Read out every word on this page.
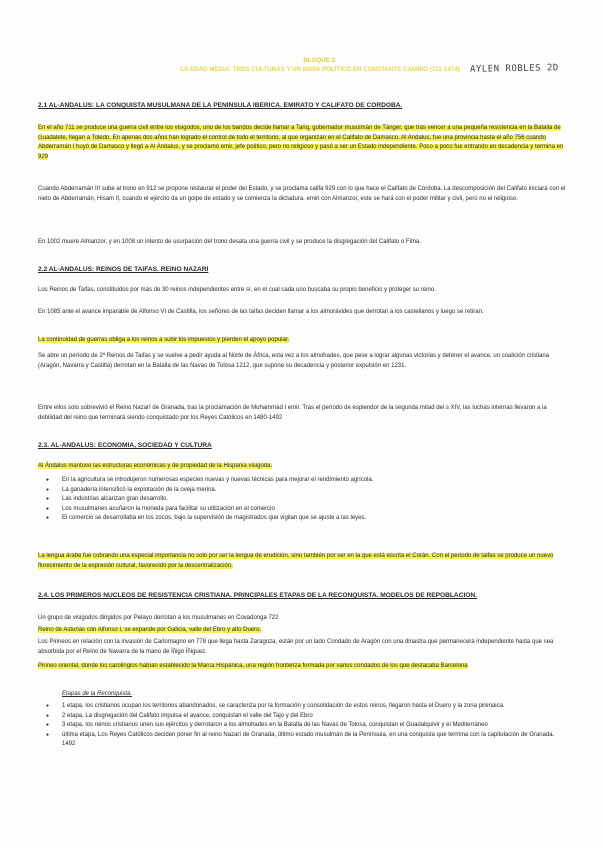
BLOQUE 2.
LA EDAD MEDIA: TRES CULTURAS Y UN MAPA POLÍTICO EN CONSTANTE CAMBIO (711-1474)	AYLEN ROBLES 2D
2.1 AL-ÁNDALUS: LA CONQUISTA MUSULMANA DE LA PENÍNSULA IBÉRICA. EMIRATO Y CALIFATO DE CÓRDOBA.
En el año 711 se produce una guerra civil entre los visigodos, uno de los bandos decide llamar a Tariq, gobernador musulmán de Tánger, que tras vencer a una pequeña resistencia en la Batalla de Guadalete, llegan a Toledo. En apenas dos años han logrado el control de todo el territorio, al que organizan en el Califato de Damasco. Al Andalus, fue una provincia hasta el año 756 cuando Abderramán I huyó de Damasco y llegó a Al Ándalus, y se proclamó emir, jefe político, pero no religioso y pasó a ser un Estado independiente. Poco a poco fue entrando en decadencia y termina en 929
Cuando Abderramán III sube al trono en 912 se propone restaurar el poder del Estado, y se proclama califa 929 con lo que hace el Califato de Córdoba. La descomposición del Califato iniciará con el nieto de Abderramán, Hisam II, cuando el ejército da un golpe de estado y se comienza la dictadura, emiri con Almanzor, este se hará con el poder militar y civil, pero no el religioso.
En 1002 muere Almanzor, y en 1008 un intento de usurpación del trono desata una guerra civil y se produce la disgregación del Califato o Fitna.
2.2 AL-ÁNDALUS: REINOS DE TAIFAS. REINO NAZARÍ
Los Reinos de Taifas, constituidos por más de 30 reinos independientes entre sí, en el cual cada uno buscaba su propio beneficio y proteger su reino.
En 1085 ante el avance imparable de Alfonso VI de Castilla, los señores de las taifas deciden llamar a los almorávides que derrotan a los castellanos y luego se retiran.
La continuidad de guerras obliga a los reinos a subir los impuestos y pierden el apoyo popular.
Se abre un período de 2ª Reinos de Taifas y se vuelve a pedir ayuda al Norte de África, esta vez a los almohades, que pese a lograr algunas victorias y detener el avance, un coalición cristiana (Aragón, Navarra y Castilla) derrotan en la Batalla de las Navas de Tolosa 1212, que supone su decadencia y posterior expulsión en 1231.
Entre ellos solo sobrevivió el Reino Nazarí de Granada, tras la proclamación de Muhammad I emir. Tras el período de esplendor de la segunda mitad del s XIV, las luchas internas llevaron a la debilidad del reino que terminará siendo conquistado por los Reyes Católicos en 1480-1492
2.3. AL-ÁNDALUS: ECONOMÍA, SOCIEDAD Y CULTURA
Al Ándalus mantuvo las estructuras económicas y de propiedad de la Hispania visigoda.
● En la agricultura se introdujeron numerosas especies nuevas y nuevas técnicas para mejorar el rendimiento agrícola.
● La ganadería intensificó la explotación de la oveja merina.
● Las industrias alcanzan gran desarrollo.
● Los musulmanes acuñaron la moneda para facilitar su utilización en el comercio
● El comercio se desarrollaba en los zocos, bajo la supervisión de magistrados que vigilan que se ajuste a las leyes.
La lengua árabe fue cobrando una especial importancia no solo por ser la lengua de erudición, sino también por ser en la que está escrita el Corán. Con el período de taifas se produce un nuevo florecimiento de la expresión cultural, favorecido por la descentralización.
2.4. LOS PRIMEROS NÚCLEOS DE RESISTENCIA CRISTIANA. PRINCIPALES ETAPAS DE LA RECONQUISTA. MODELOS DE REPOBLACIÓN.
Un grupo de visigodos dirigidos por Pelayo derrotan a los musulmanes en Covadonga 722
Reino de Asturias con Alfonso I, se expande por Galicia, valle del Ebro y alto Duero.
Los Pirineos en relación con la invasión de Carlomagno en 778 que llega hasta Zaragoza, están por un lado Condado de Aragón con una dinastía que permanecerá independiente hasta que sea absorbida por el Reino de Navarra de la mano de Íñigo Íñiguez.
Pirineo oriental, donde los carolingios habían establecido la Marca Hispánica, una región fronteriza formada por varios condados de los que destacaba Barcelona
Etapas de la Reconquista.
● 1 etapa, los cristianos ocupan los territorios abandonados, se caracteriza por la formación y consolidación de estos reinos, llegaron hasta el Duero y la zona pirenaica.
● 2 etapa, La disgregación del Califato impulsa el avance, conquistan el valle del Tajo y del Ebro
● 3 etapa, los reinos cristianos unen sus ejércitos y derrotaron a los almohades en la Batalla de las Navas de Tolosa, conquistan el Guadalquivir y el Mediterráneo
● última etapa, Los Reyes Católicos deciden poner fin al reino Nazarí de Granada, último estado musulmán de la Península, en una conquista que termina con la capitulación de Granada. 1492
